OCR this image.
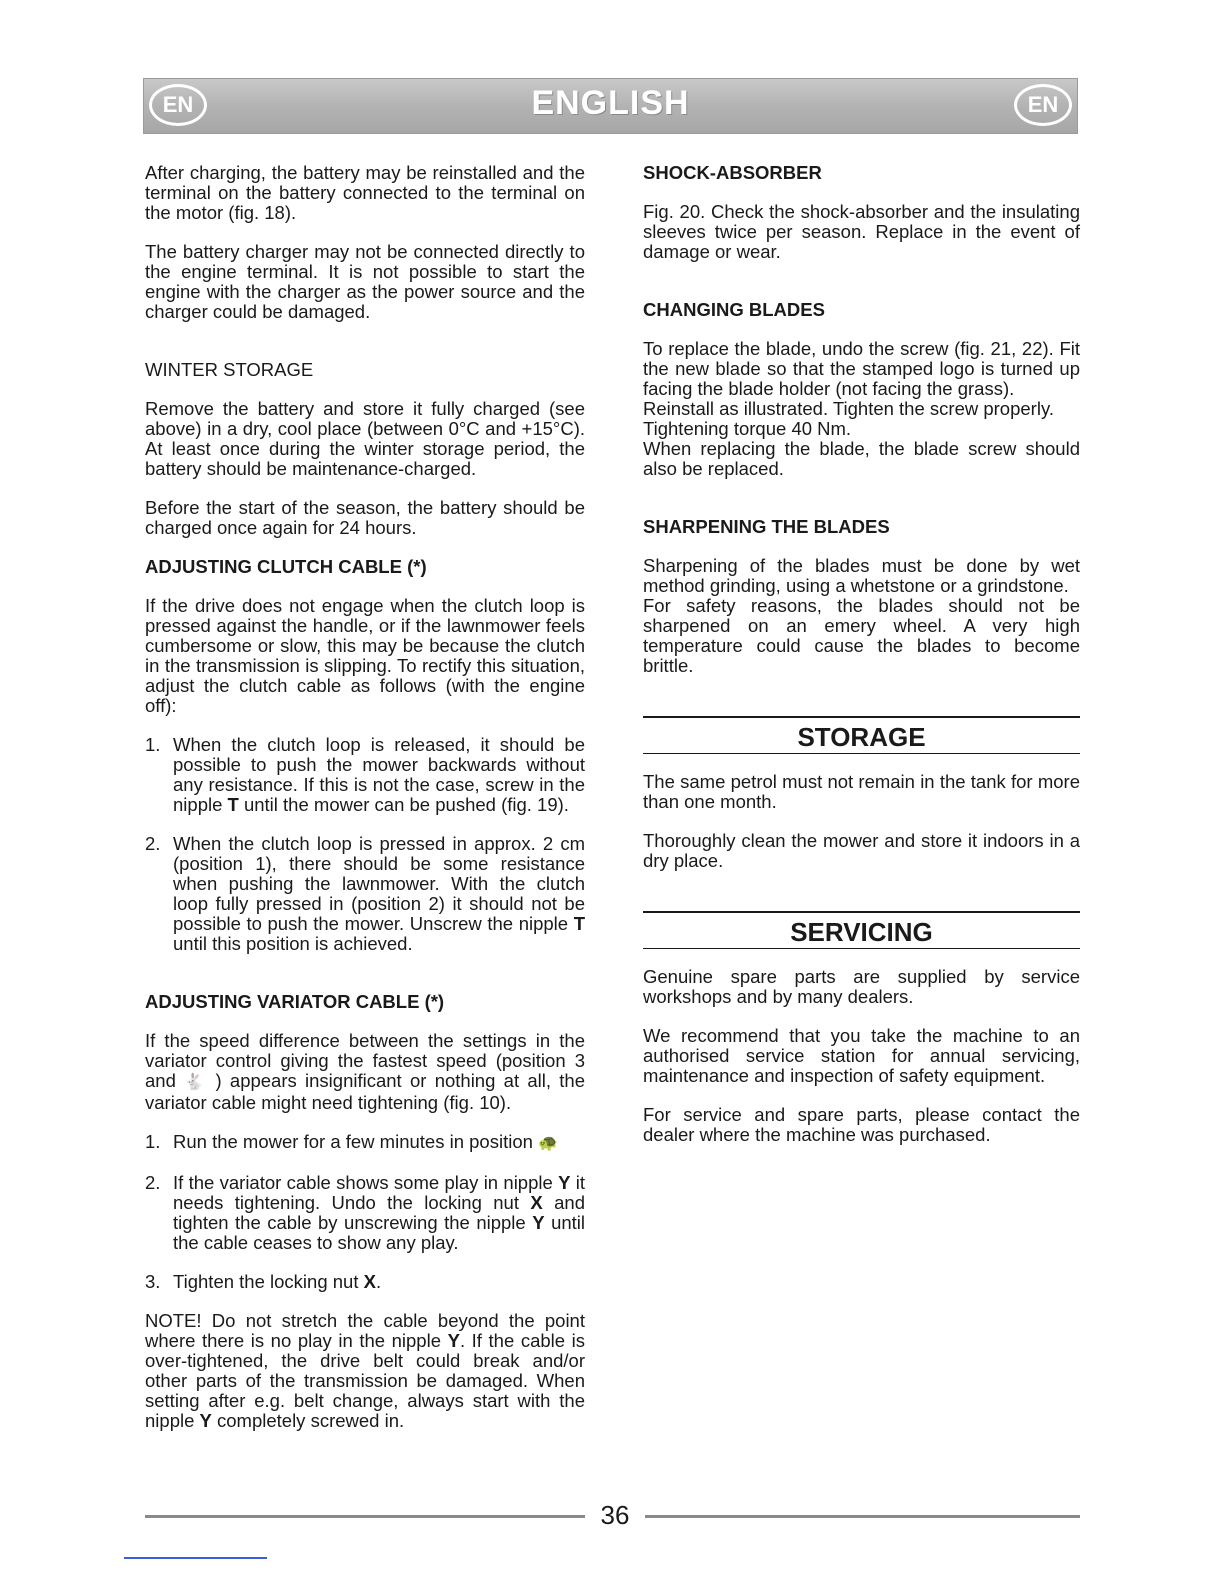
EN	ENGLISH	EN

After charging, the battery may be reinstalled and the terminal on the battery connected to the terminal on the motor (fig. 18).

The battery charger may not be connected directly to the engine terminal. It is not possible to start the engine with the charger as the power source and the charger could be damaged.

WINTER STORAGE

Remove the battery and store it fully charged (see above) in a dry, cool place (between 0°C and +15°C). At least once during the winter storage period, the battery should be maintenance-charged.

Before the start of the season, the battery should be charged once again for 24 hours.

ADJUSTING CLUTCH CABLE (*)

If the drive does not engage when the clutch loop is pressed against the handle, or if the lawnmower feels cumbersome or slow, this may be because the clutch in the transmission is slipping. To rectify this situation, adjust the clutch cable as follows (with the engine off):

1. When the clutch loop is released, it should be possible to push the mower backwards without any resistance. If this is not the case, screw in the nipple T until the mower can be pushed (fig. 19).
2. When the clutch loop is pressed in approx. 2 cm (position 1), there should be some resistance when pushing the lawnmower. With the clutch loop fully pressed in (position 2) it should not be possible to push the mower. Unscrew the nipple T until this position is achieved.
ADJUSTING VARIATOR CABLE (*)

If the speed difference between the settings in the variator control giving the fastest speed (position 3 and 🐇 ) appears insignificant or nothing at all, the variator cable might need tightening (fig. 10).

1. Run the mower for a few minutes in position 🐢
2. If the variator cable shows some play in nipple Y it needs tightening. Undo the locking nut X and tighten the cable by unscrewing the nipple Y until the cable ceases to show any play.
3. Tighten the locking nut X.

NOTE! Do not stretch the cable beyond the point where there is no play in the nipple Y. If the cable is over-tightened, the drive belt could break and/or other parts of the transmission be damaged. When setting after e.g. belt change, always start with the nipple Y completely screwed in.

SHOCK-ABSORBER

Fig. 20. Check the shock-absorber and the insulating sleeves twice per season. Replace in the event of damage or wear.

CHANGING BLADES

To replace the blade, undo the screw (fig. 21, 22). Fit the new blade so that the stamped logo is turned up facing the blade holder (not facing the grass).

Reinstall as illustrated. Tighten the screw properly.

Tightening torque 40 Nm.

When replacing the blade, the blade screw should also be replaced.

SHARPENING THE BLADES

Sharpening of the blades must be done by wet method grinding, using a whetstone or a grindstone.

For safety reasons, the blades should not be sharpened on an emery wheel. A very high temperature could cause the blades to become brittle.

STORAGE

The same petrol must not remain in the tank for more than one month.

Thoroughly clean the mower and store it indoors in a dry place.

SERVICING

Genuine spare parts are supplied by service workshops and by many dealers.

We recommend that you take the machine to an authorised service station for annual servicing, maintenance and inspection of safety equipment.

For service and spare parts, please contact the dealer where the machine was purchased.

36
